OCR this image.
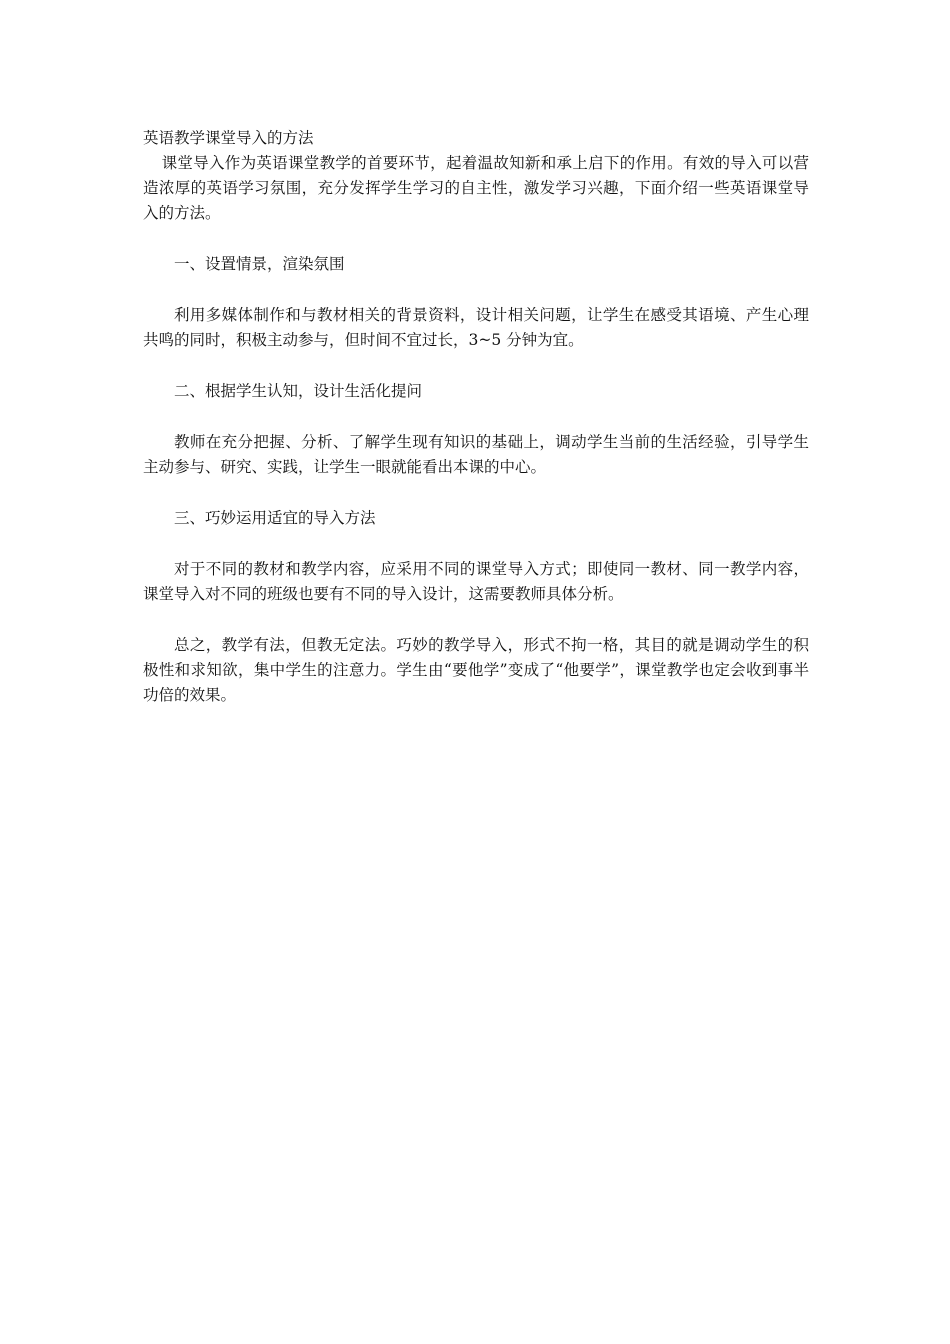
英语教学课堂导入的方法

课堂导入作为英语课堂教学的首要环节，起着温故知新和承上启下的作用。有效的导入可以营造浓厚的英语学习氛围，充分发挥学生学习的自主性，激发学习兴趣，下面介绍一些英语课堂导入的方法。

一、设置情景，渲染氛围

利用多媒体制作和与教材相关的背景资料，设计相关问题，让学生在感受其语境、产生心理共鸣的同时，积极主动参与，但时间不宜过长，3~5 分钟为宜。

二、根据学生认知，设计生活化提问

教师在充分把握、分析、了解学生现有知识的基础上，调动学生当前的生活经验，引导学生主动参与、研究、实践，让学生一眼就能看出本课的中心。

三、巧妙运用适宜的导入方法

对于不同的教材和教学内容，应采用不同的课堂导入方式；即使同一教材、同一教学内容，课堂导入对不同的班级也要有不同的导入设计，这需要教师具体分析。

总之，教学有法，但教无定法。巧妙的教学导入，形式不拘一格，其目的就是调动学生的积极性和求知欲，集中学生的注意力。学生由“要他学”变成了“他要学”，课堂教学也定会收到事半功倍的效果。
